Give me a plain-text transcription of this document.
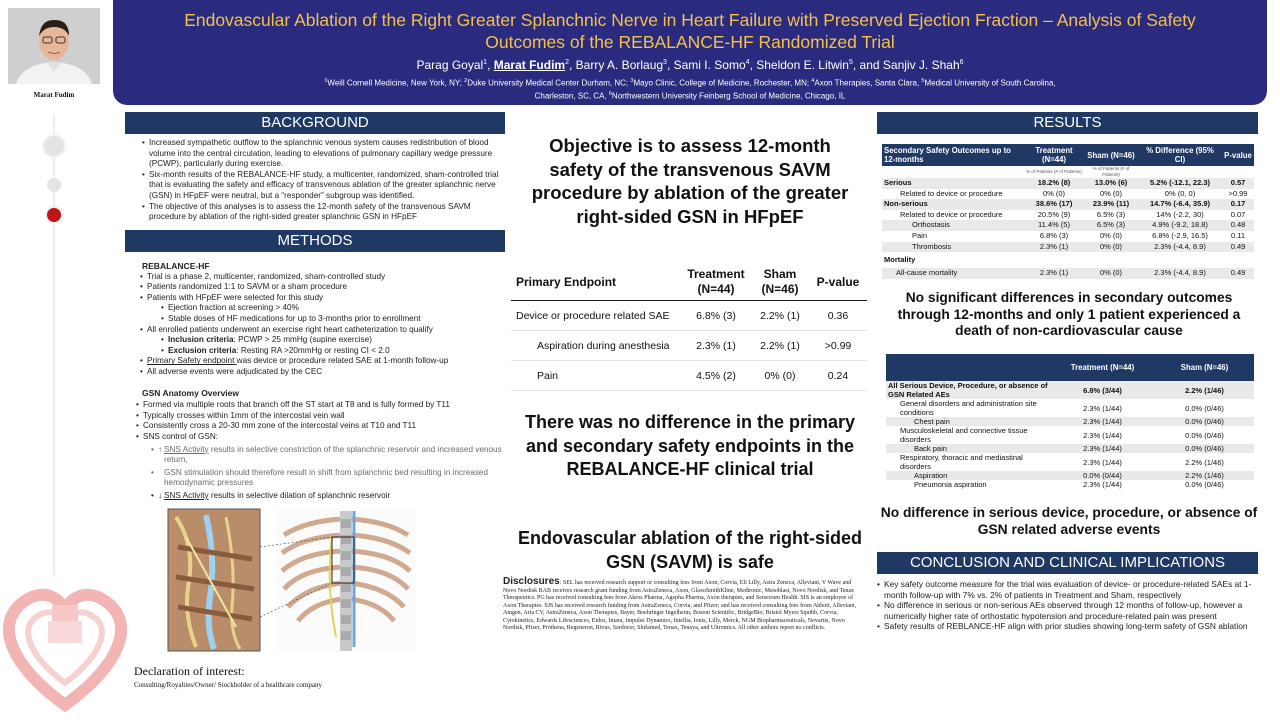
Marat Fudim
Declaration of interest:
Consulting/Royalties/Owner/ Stockholder of a healthcare company
Endovascular Ablation of the Right Greater Splanchnic Nerve in Heart Failure with Preserved Ejection Fraction – Analysis of Safety Outcomes of the REBALANCE-HF Randomized Trial
Parag Goyal$^1$, Marat Fudim$^2$, Barry A. Borlaug$^3$, Sami I. Somo$^4$, Sheldon E. Litwin$^5$, and Sanjiv J. Shah$^6$
$^1$Weill Cornell Medicine, New York, NY; $^2$Duke University Medical Center Durham, NC; $^3$Mayo Clinic, College of Medicine, Rochester, MN; $^4$Axon Therapies, Santa Clara, $^5$Medical University of South Carolina, Charleston, SC, CA, $^6$Northwestern University Feinberg School of Medicine, Chicago, IL
BACKGROUND
• Increased sympathetic outflow to the splanchnic venous system causes redistribution of blood volume into the central circulation, leading to elevations of pulmonary capillary wedge pressure (PCWP), particularly during exercise.
• Six-month results of the REBALANCE-HF study, a multicenter, randomized, sham-controlled trial that is evaluating the safety and efficacy of transvenous ablation of the greater splanchnic nerve (GSN) in HFpEF were neutral, but a “responder” subgroup was identified.
• The objective of this analyses is to assess the 12-month safety of the transvenous SAVM procedure by ablation of the right-sided greater splanchnic GSN in HFpEF
METHODS
REBALANCE-HF
• Trial is a phase 2, multicenter, randomized, sham-controlled study
• Patients randomized 1:1 to SAVM or a sham procedure
• Patients with HFpEF were selected for this study
• Ejection fraction at screening > 40%
• Stable doses of HF medications for up to 3-months prior to enrollment
• All enrolled patients underwent an exercise right heart catheterization to qualify
• Inclusion criteria: PCWP > 25 mmHg (supine exercise)
• Exclusion criteria: Resting RA >20mmHg or resting CI < 2.0
• Primary Safety endpoint was device or procedure related SAE at 1-month follow-up
• All adverse events were adjudicated by the CEC
GSN Anatomy Overview
• Formed via multiple roots that branch off the ST start at T8 and is fully formed by T11
• Typically crosses within 1mm of the intercostal vein wall
• Consistently cross a 20-30 mm zone of the intercostal veins at T10 and T11
• SNS control of GSN:
• ↑ SNS Activity results in selective constriction of the splanchnic reservoir and increased venous return,
• GSN stimulation should therefore result in shift from splanchnic bed resulting in increased hemodynamic pressures
• ↓ SNS Activity results in selective dilation of splanchnic reservoir
Objective is to assess 12-month safety of the transvenous SAVM procedure by ablation of the greater right-sided GSN in HFpEF
Primary Endpoint	Treatment (N=44)	Sham (N=46)	P-value
Device or procedure related SAE	6.8% (3)	2.2% (1)	0.36
Aspiration during anesthesia	2.3% (1)	2.2% (1)	>0.99
Pain	4.5% (2)	0% (0)	0.24
There was no difference in the primary and secondary safety endpoints in the REBALANCE-HF clinical trial
Endovascular ablation of the right-sided GSN (SAVM) is safe
Disclosures: SEL has received research support or consulting fees from Axon, Corvia, Eli Lilly, Astra Zeneca, Alleviant, V Wave and Novo Nordisk BAB receives research grant funding from AstraZeneca, Axon, GlaxoSmithKline, Medtronic, Mesoblast, Novo Nordisk, and Tenax Therapeutics. PG has received consulting fees from Akros Pharma, Agepha Pharma, Axon therapies, and Sensorum Health. SIS is an employee of Axon Therapies. SJS has received research funding from AstraZeneca, Corvia, and Pfizer; and has received consulting fees from Abbott, Alleviant, Amgen, Aria CV, AstraZeneca, Axon Therapies, Bayer, Boehringer Ingelheim, Boston Scientific, BridgeBio, Bristol Myers Squibb, Corvia, Cytokinetics, Edwards Lifesciences, Eidos, Imara, Impulse Dynamics, Intellia, Ionis, Lilly, Merck, NGM Biopharmaceuticals, Novartis, Novo Nordisk, Pfizer, Prothena, Regeneron, Rivus, Sardocor, Shifamed, Tenax, Tenaya, and Ultromics. All other authors report no conflicts.
RESULTS
Secondary Safety Outcomes up to 12-months	Treatment (N=44)	Sham (N=46)	% Difference (95% CI)	P-value
	% of Patients (# of Patients)	% of Patients (# of Patients)		
Serious	18.2% (8)	13.0% (6)	5.2% (-12.1, 22.3)	0.57
Related to device or procedure	0% (0)	0% (0)	0% (0, 0)	>0.99
Non-serious	38.6% (17)	23.9% (11)	14.7% (-6.4, 35.9)	0.17
Related to device or procedure	20.5% (9)	6.5% (3)	14% (-2.2, 30)	0.07
Orthostasis	11.4% (5)	6.5% (3)	4.9% (-9.2, 18.8)	0.48
Pain	6.8% (3)	0% (0)	6.8% (-2.9, 16.5)	0.11
Thrombosis	2.3% (1)	0% (0)	2.3% (-4.4, 8.9)	0.49
Mortality				
All-cause mortality	2.3% (1)	0% (0)	2.3% (-4.4, 8.9)	0.49
No significant differences in secondary outcomes through 12-months and only 1 patient experienced a death of non-cardiovascular cause
	Treatment (N=44)	Sham (N=46)
All Serious Device, Procedure, or absence of GSN Related AEs	6.8% (3/44)	2.2% (1/46)
General disorders and administration site conditions	2.3% (1/44)	0.0% (0/46)
Chest pain	2.3% (1/44)	0.0% (0/46)
Musculoskeletal and connective tissue disorders	2.3% (1/44)	0.0% (0/46)
Back pain	2.3% (1/44)	0.0% (0/46)
Respiratory, thoracic and mediastinal disorders	2.3% (1/44)	2.2% (1/46)
Aspiration	0.0% (0/44)	2.2% (1/46)
Pneumonia aspiration	2.3% (1/44)	0.0% (0/46)
No difference in serious device, procedure, or absence of GSN related adverse events
CONCLUSION AND CLINICAL IMPLICATIONS
• Key safety outcome measure for the trial was evaluation of device- or procedure-related SAEs at 1-month follow-up with 7% vs. 2% of patients in Treatment and Sham, respectively
• No difference in serious or non-serious AEs observed through 12 months of follow-up, however a numerically higher rate of orthostatic hypotension and procedure-related pain was present
• Safety results of REBLANCE-HF align with prior studies showing long-term safety of GSN ablation
